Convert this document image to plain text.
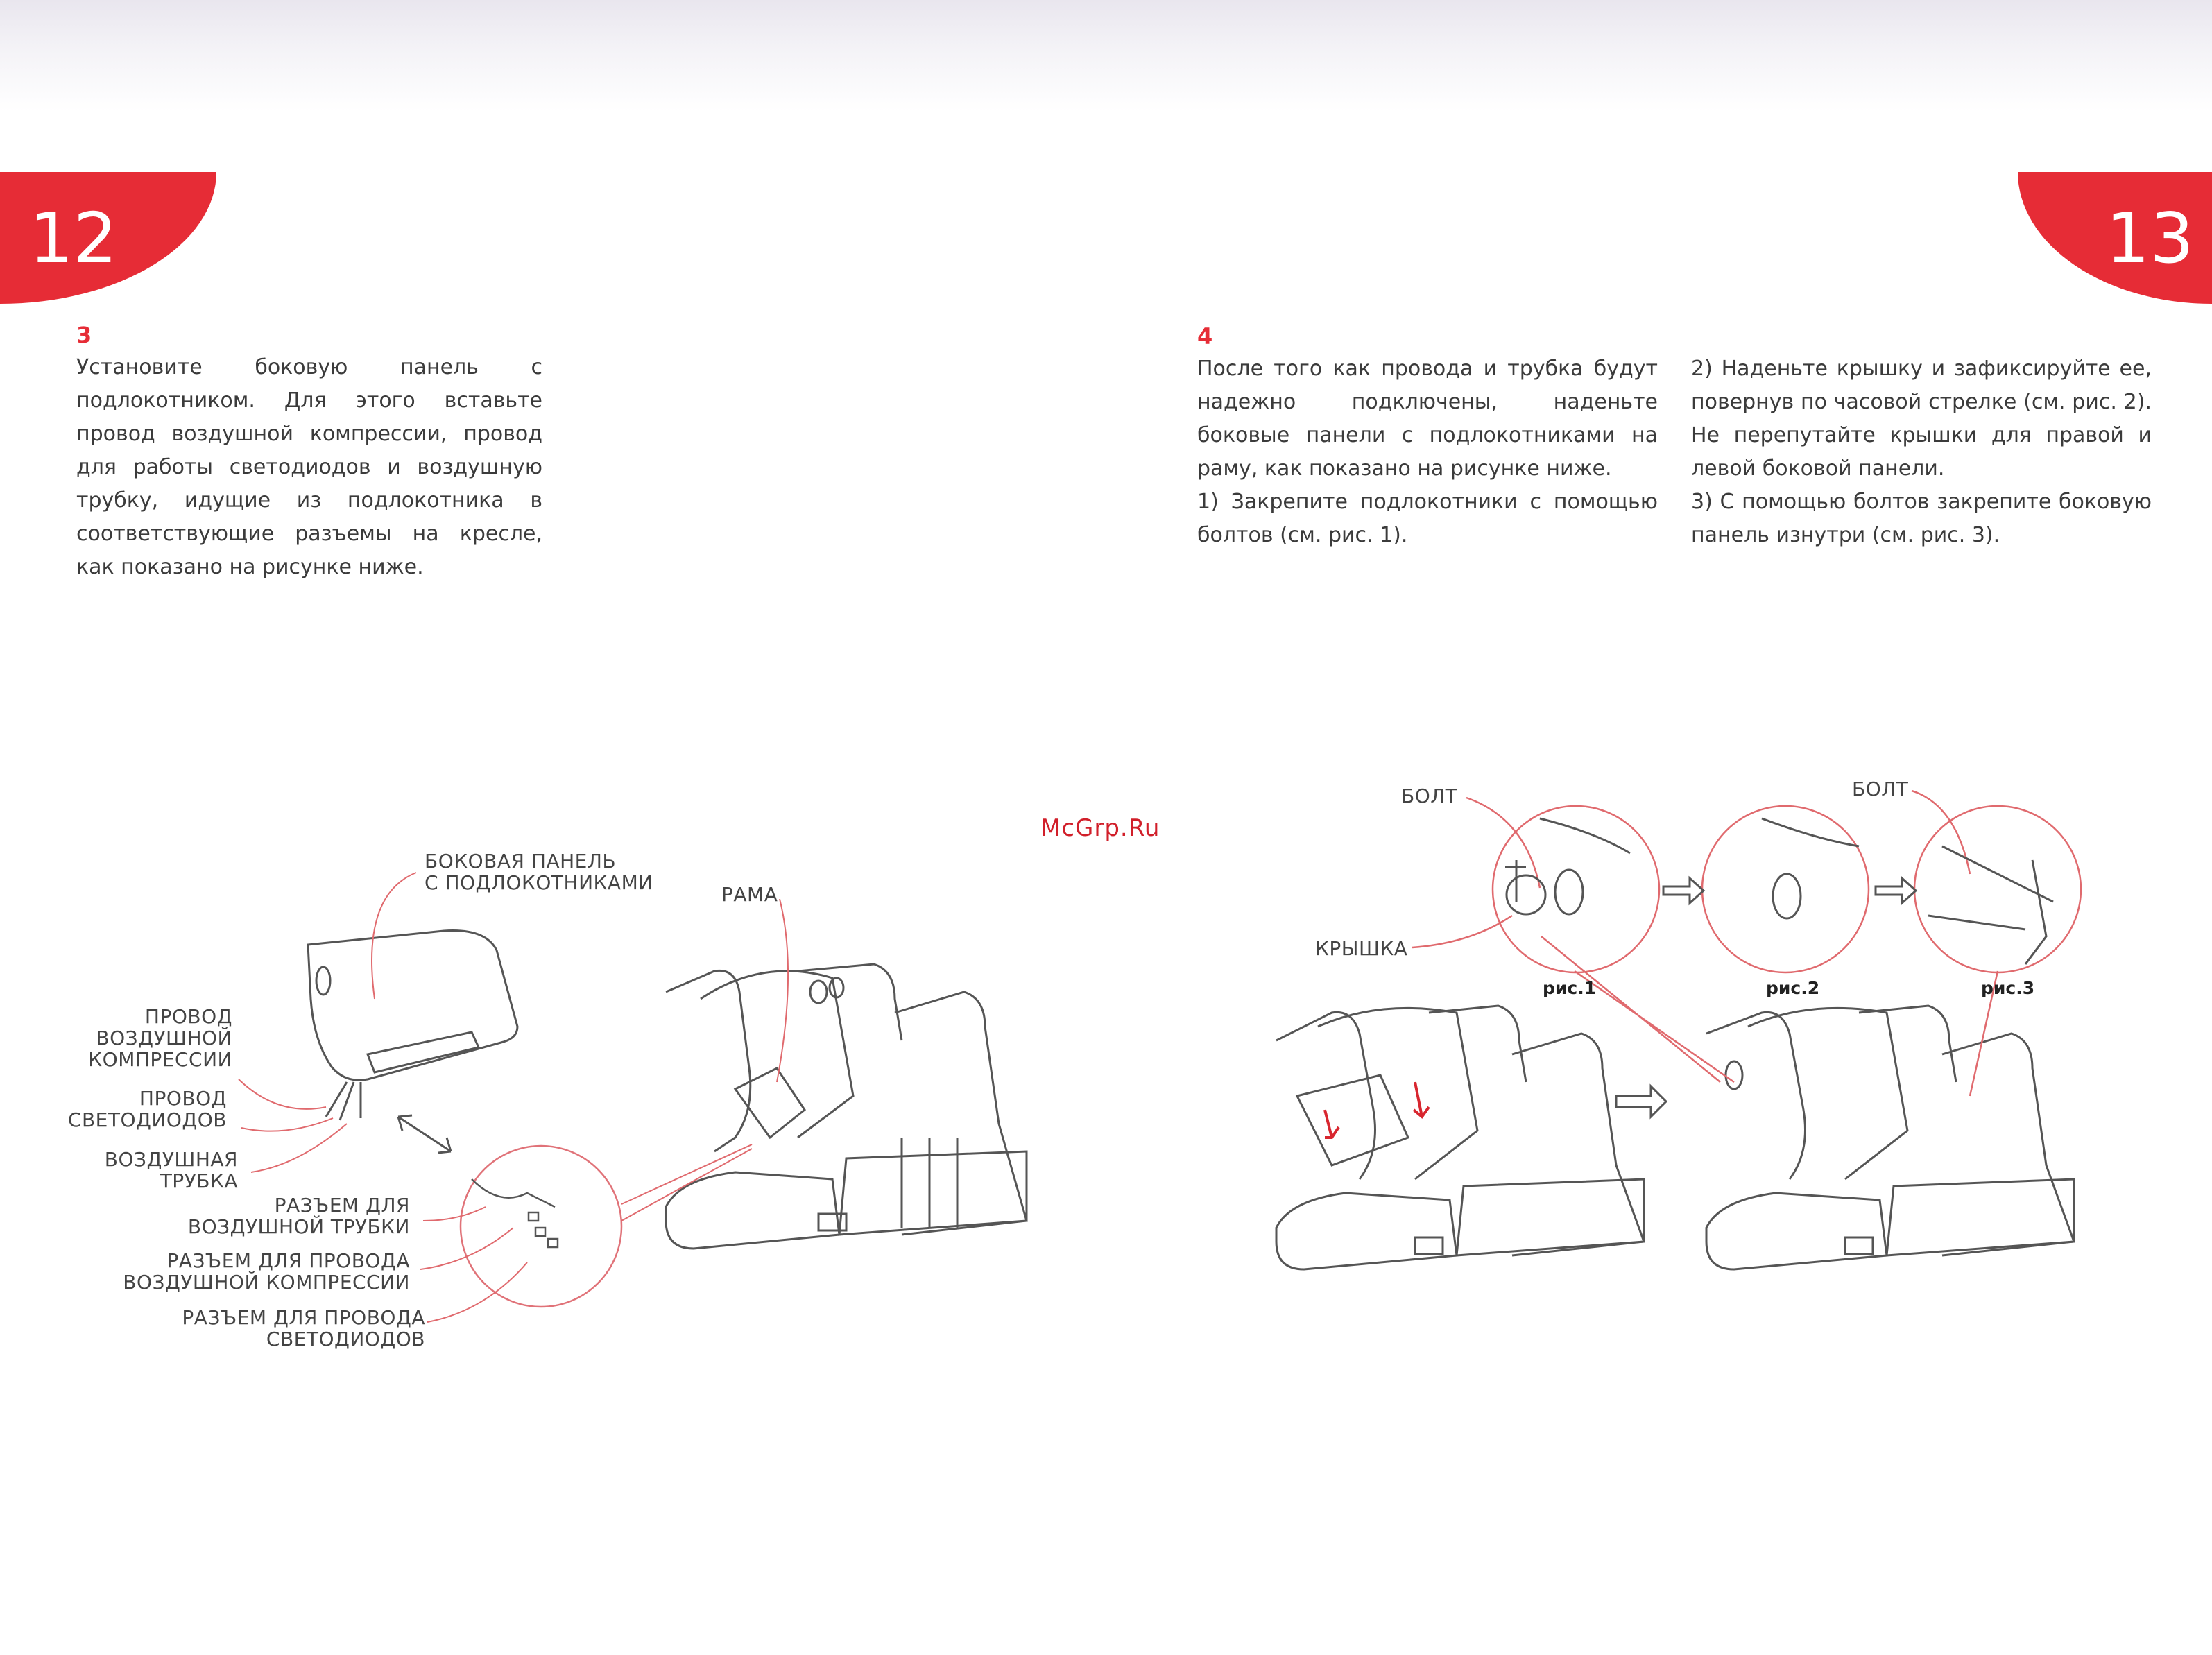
12	13
3
Установите боковую панель с подлокотником. Для этого вставьте провод воздушной компрессии, провод для работы светодиодов и воздушную трубку, идущие из подлокотника в соответствующие разъемы на кресле, как показано на рисунке ниже.
4
После того как провода и трубка будут надежно подключены, наденьте боковые панели с подлокотниками на раму, как показано на рисунке ниже.
1) Закрепите подлокотники с помощью болтов (см. рис. 1).
2) Наденьте крышку и зафиксируйте ее, повернув по часовой стрелке (см. рис. 2). Не перепутайте крышки для правой и левой боковой панели.
3) С помощью болтов закрепите боковую панель изнутри (см. рис. 3).
McGrp.Ru
БОКОВАЯ ПАНЕЛЬ
С ПОДЛОКОТНИКАМИ
РАМА
ПРОВОД
ВОЗДУШНОЙ
КОМПРЕССИИ
ПРОВОД
СВЕТОДИОДОВ
ВОЗДУШНАЯ
ТРУБКА
РАЗЪЕМ ДЛЯ
ВОЗДУШНОЙ ТРУБКИ
РАЗЪЕМ ДЛЯ ПРОВОДА
ВОЗДУШНОЙ КОМПРЕССИИ
РАЗЪЕМ ДЛЯ ПРОВОДА
СВЕТОДИОДОВ
БОЛТ	БОЛТ
КРЫШКА
рис.1	рис.2	рис.3
